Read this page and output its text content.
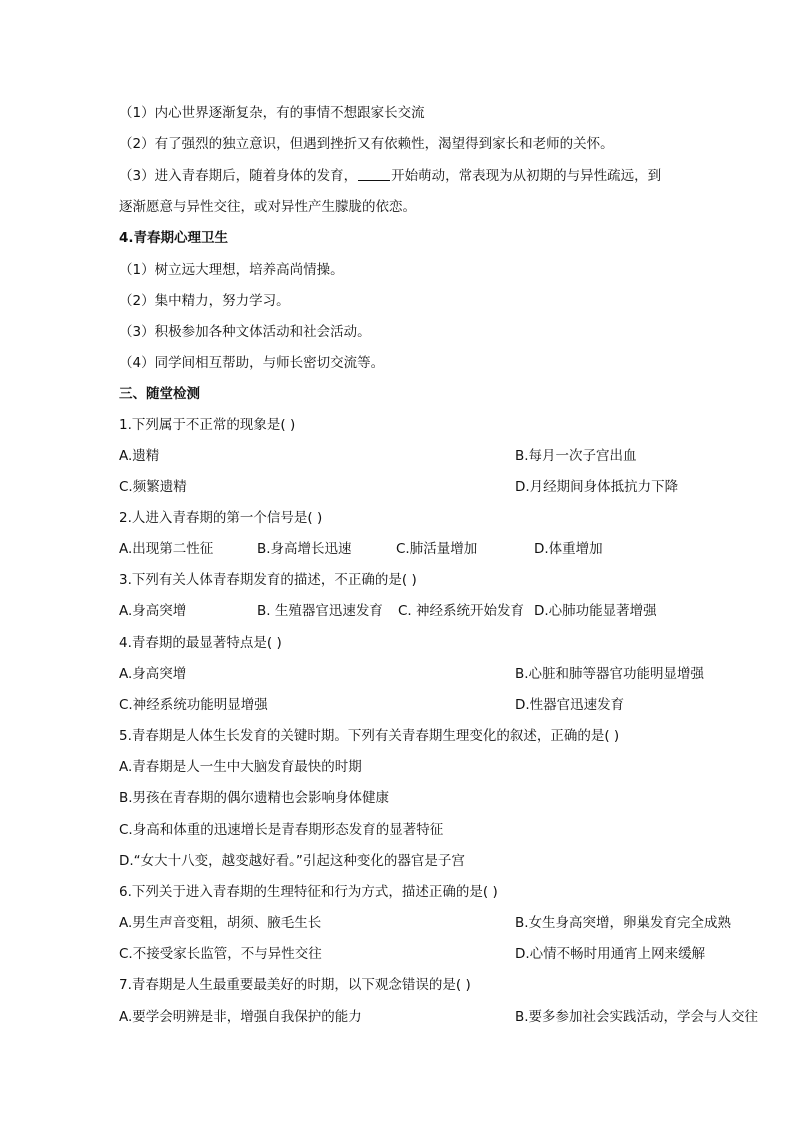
（1）内心世界逐渐复杂，有的事情不想跟家长交流
（2）有了强烈的独立意识，但遇到挫折又有依赖性，渴望得到家长和老师的关怀。
（3）进入青春期后，随着身体的发育，	开始萌动，常表现为从初期的与异性疏远，到
逐渐愿意与异性交往，或对异性产生朦胧的依恋。
4.青春期心理卫生
（1）树立远大理想，培养高尚情操。
（2）集中精力，努力学习。
（3）积极参加各种文体活动和社会活动。
（4）同学间相互帮助，与师长密切交流等。
三、随堂检测
1.下列属于不正常的现象是( )
A.遗精	B.每月一次子宫出血
C.频繁遗精	D.月经期间身体抵抗力下降
2.人进入青春期的第一个信号是( )
A.出现第二性征	B.身高增长迅速	C.肺活量增加	D.体重增加
3.下列有关人体青春期发育的描述，不正确的是( )
A.身高突增	B. 生殖器官迅速发育 C. 神经系统开始发育 D.心肺功能显著增强
4.青春期的最显著特点是( )
A.身高突增	B.心脏和肺等器官功能明显增强
C.神经系统功能明显增强	D.性器官迅速发育
5.青春期是人体生长发育的关键时期。下列有关青春期生理变化的叙述，正确的是( )
A.青春期是人一生中大脑发育最快的时期
B.男孩在青春期的偶尔遗精也会影响身体健康
C.身高和体重的迅速增长是青春期形态发育的显著特征
D.“女大十八变，越变越好看。”引起这种变化的器官是子宫
6.下列关于进入青春期的生理特征和行为方式，描述正确的是( )
A.男生声音变粗，胡须、腋毛生长	B.女生身高突增，卵巢发育完全成熟
C.不接受家长监管，不与异性交往	D.心情不畅时用通宵上网来缓解
7.青春期是人生最重要最美好的时期，以下观念错误的是( )
A.要学会明辨是非，增强自我保护的能力	B.要多参加社会实践活动，学会与人交往
